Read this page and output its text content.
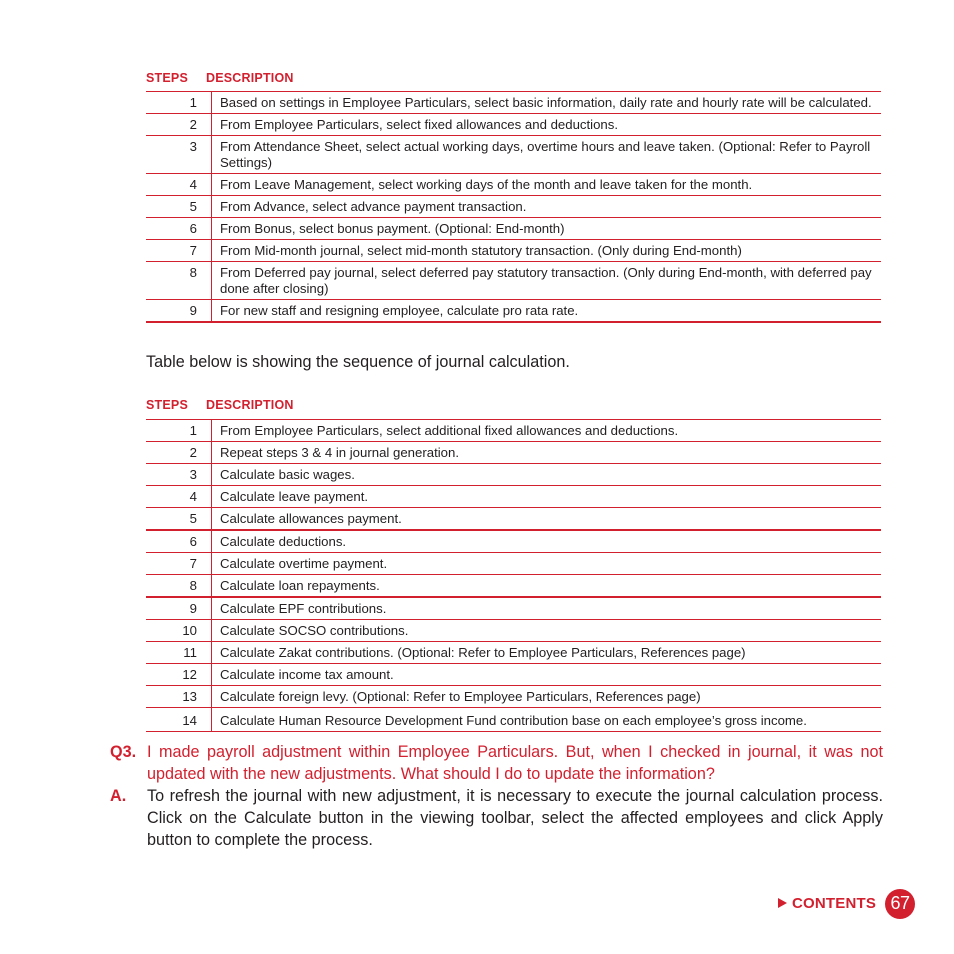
STEPS DESCRIPTION
1	Based on settings in Employee Particulars, select basic information, daily rate and hourly rate will be calculated.
2	From Employee Particulars, select fixed allowances and deductions.
3	From Attendance Sheet, select actual working days, overtime hours and leave taken. (Optional: Refer to Payroll Settings)
4	From Leave Management, select working days of the month and leave taken for the month.
5	From Advance, select advance payment transaction.
6	From Bonus, select bonus payment. (Optional: End-month)
7	From Mid-month journal, select mid-month statutory transaction. (Only during End-month)
8	From Deferred pay journal, select deferred pay statutory transaction. (Only during End-month, with deferred pay done after closing)
9	For new staff and resigning employee, calculate pro rata rate.
Table below is showing the sequence of journal calculation.
STEPS DESCRIPTION
1	From Employee Particulars, select additional fixed allowances and deductions.
2	Repeat steps 3 & 4 in journal generation.
3	Calculate basic wages.
4	Calculate leave payment.
5	Calculate allowances payment.
6	Calculate deductions.
7	Calculate overtime payment.
8	Calculate loan repayments.
9	Calculate EPF contributions.
10	Calculate SOCSO contributions.
11	Calculate Zakat contributions. (Optional: Refer to Employee Particulars, References page)
12	Calculate income tax amount.
13	Calculate foreign levy. (Optional: Refer to Employee Particulars, References page)
14	Calculate Human Resource Development Fund contribution base on each employee’s gross income.
Q3. I made payroll adjustment within Employee Particulars. But, when I checked in journal, it was not updated with the new adjustments. What should I do to update the information?
A. To refresh the journal with new adjustment, it is necessary to execute the journal calculation process. Click on the Calculate button in the viewing toolbar, select the affected employees and click Apply button to complete the process.
CONTENTS 67
